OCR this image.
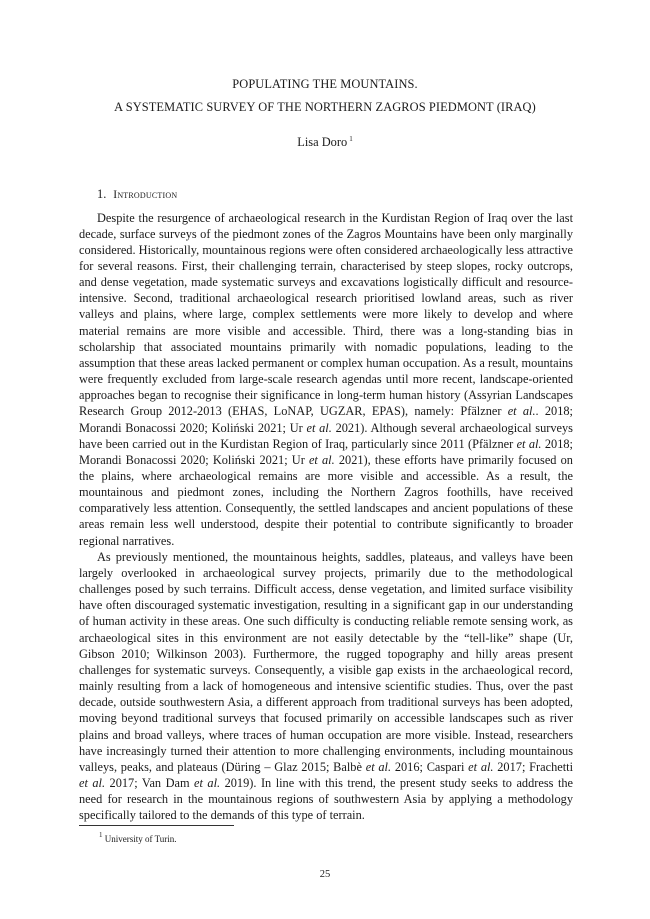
POPULATING THE MOUNTAINS.
A SYSTEMATIC SURVEY OF THE NORTHERN ZAGROS PIEDMONT (IRAQ)
Lisa Doro $^1$
1. Introduction

Despite the resurgence of archaeological research in the Kurdistan Region of Iraq over the last decade, surface surveys of the piedmont zones of the Zagros Mountains have been only marginally considered. Historically, mountainous regions were often considered archaeologically less attractive for several reasons. First, their challenging terrain, characterised by steep slopes, rocky outcrops, and dense vegetation, made systematic surveys and excavations logistically difficult and resource-intensive. Second, traditional archaeological research prioritised lowland areas, such as river valleys and plains, where large, complex settlements were more likely to develop and where material remains are more visible and accessible. Third, there was a long-standing bias in scholarship that associated mountains primarily with nomadic populations, leading to the assumption that these areas lacked permanent or complex human occupation. As a result, mountains were frequently excluded from large-scale research agendas until more recent, landscape-oriented approaches began to recognise their significance in long-term human history (Assyrian Landscapes Research Group 2012-2013 (EHAS, LoNAP, UGZAR, EPAS), namely: Pfälzner et al.. 2018; Morandi Bonacossi 2020; Koliński 2021; Ur et al. 2021). Although several archaeological surveys have been carried out in the Kurdistan Region of Iraq, particularly since 2011 (Pfälzner et al. 2018; Morandi Bonacossi 2020; Koliński 2021; Ur et al. 2021), these efforts have primarily focused on the plains, where archaeological remains are more visible and accessible. As a result, the mountainous and piedmont zones, including the Northern Zagros foothills, have received comparatively less attention. Consequently, the settled landscapes and ancient populations of these areas remain less well understood, despite their potential to contribute significantly to broader regional narratives.

As previously mentioned, the mountainous heights, saddles, plateaus, and valleys have been largely overlooked in archaeological survey projects, primarily due to the methodological challenges posed by such terrains. Difficult access, dense vegetation, and limited surface visibility have often discouraged systematic investigation, resulting in a significant gap in our understanding of human activity in these areas. One such difficulty is conducting reliable remote sensing work, as archaeological sites in this environment are not easily detectable by the “tell-like” shape (Ur, Gibson 2010; Wilkinson 2003). Furthermore, the rugged topography and hilly areas present challenges for systematic surveys. Consequently, a visible gap exists in the archaeological record, mainly resulting from a lack of homogeneous and intensive scientific studies. Thus, over the past decade, outside southwestern Asia, a different approach from traditional surveys has been adopted, moving beyond traditional surveys that focused primarily on accessible landscapes such as river plains and broad valleys, where traces of human occupation are more visible. Instead, researchers have increasingly turned their attention to more challenging environments, including mountainous valleys, peaks, and plateaus (Düring – Glaz 2015; Balbè et al. 2016; Caspari et al. 2017; Frachetti et al. 2017; Van Dam et al. 2019). In line with this trend, the present study seeks to address the need for research in the mountainous regions of southwestern Asia by applying a methodology specifically tailored to the demands of this type of terrain.

$^1$ University of Turin.
25
